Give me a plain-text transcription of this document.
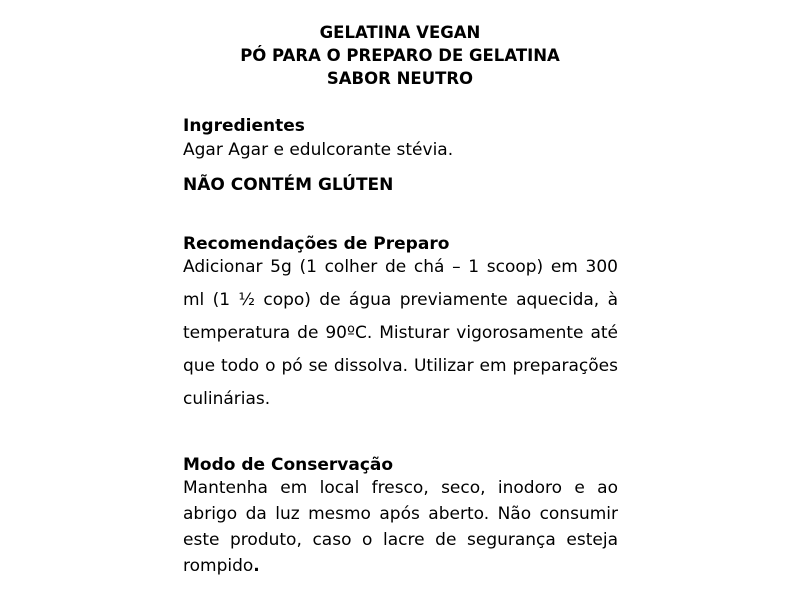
GELATINA VEGAN
PÓ PARA O PREPARO DE GELATINA
SABOR NEUTRO

Ingredientes

Agar Agar e edulcorante stévia.

NÃO CONTÉM GLÚTEN

Recomendações de Preparo

Adicionar 5g (1 colher de chá – 1 scoop) em 300 ml (1 ½ copo) de água previamente aquecida, à temperatura de 90ºC. Misturar vigorosamente até que todo o pó se dissolva. Utilizar em preparações culinárias.

Modo de Conservação

Mantenha em local fresco, seco, inodoro e ao abrigo da luz mesmo após aberto. Não consumir este produto, caso o lacre de segurança esteja rompido.
